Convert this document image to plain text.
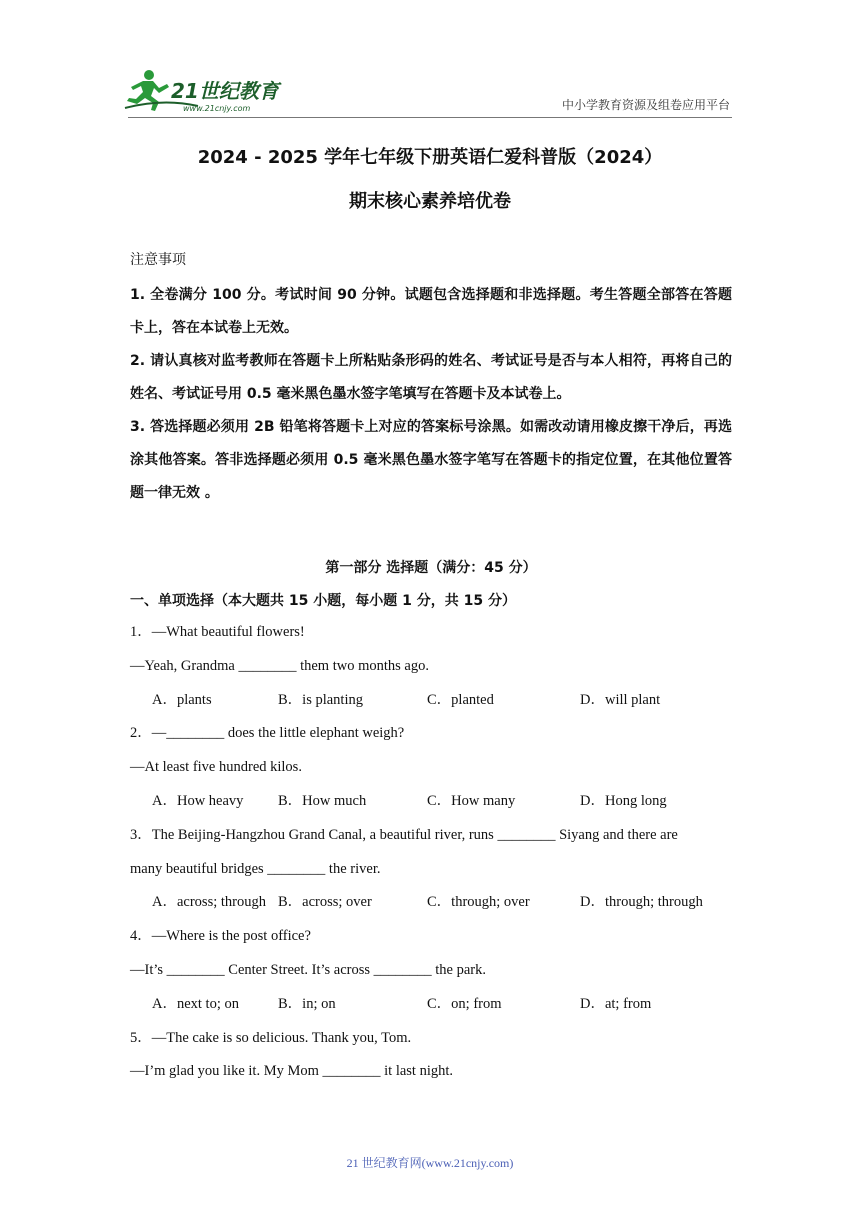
21世纪教育
www.21cnjy.com	中小学教育资源及组卷应用平台
2024 - 2025 学年七年级下册英语仁爱科普版（2024）
期末核心素养培优卷
注意事项

1. 全卷满分 100 分。考试时间 90 分钟。试题包含选择题和非选择题。考生答题全部答在答题卡上，答在本试卷上无效。

2. 请认真核对监考教师在答题卡上所粘贴条形码的姓名、考试证号是否与本人相符，再将自己的姓名、考试证号用 0.5 毫米黑色墨水签字笔填写在答题卡及本试卷上。

3. 答选择题必须用 2B 铅笔将答题卡上对应的答案标号涂黑。如需改动请用橡皮擦干净后，再选涂其他答案。答非选择题必须用 0.5 毫米黑色墨水签字笔写在答题卡的指定位置，在其他位置答题一律无效 。

第一部分 选择题（满分：45 分）
一、单项选择（本大题共 15 小题，每小题 1 分，共 15 分）
1．—What beautiful flowers!
—Yeah, Grandma ________ them two months ago.
A．plants	B．is planting	C．planted	D．will plant
2．—________ does the little elephant weigh?
—At least five hundred kilos.
A．How heavy B．How much	C．How many	D．Hong long
3．The Beijing-Hangzhou Grand Canal, a beautiful river, runs ________ Siyang and there are
many beautiful bridges ________ the river.
A．across; through B．across; over	C．through; over	D．through; through
4．—Where is the post office?
—It’s ________ Center Street. It’s across ________ the park.
A．next to; on	B．in; on	C．on; from	D．at; from
5．—The cake is so delicious. Thank you, Tom.
—I’m glad you like it. My Mom ________ it last night.
21 世纪教育网(www.21cnjy.com)
